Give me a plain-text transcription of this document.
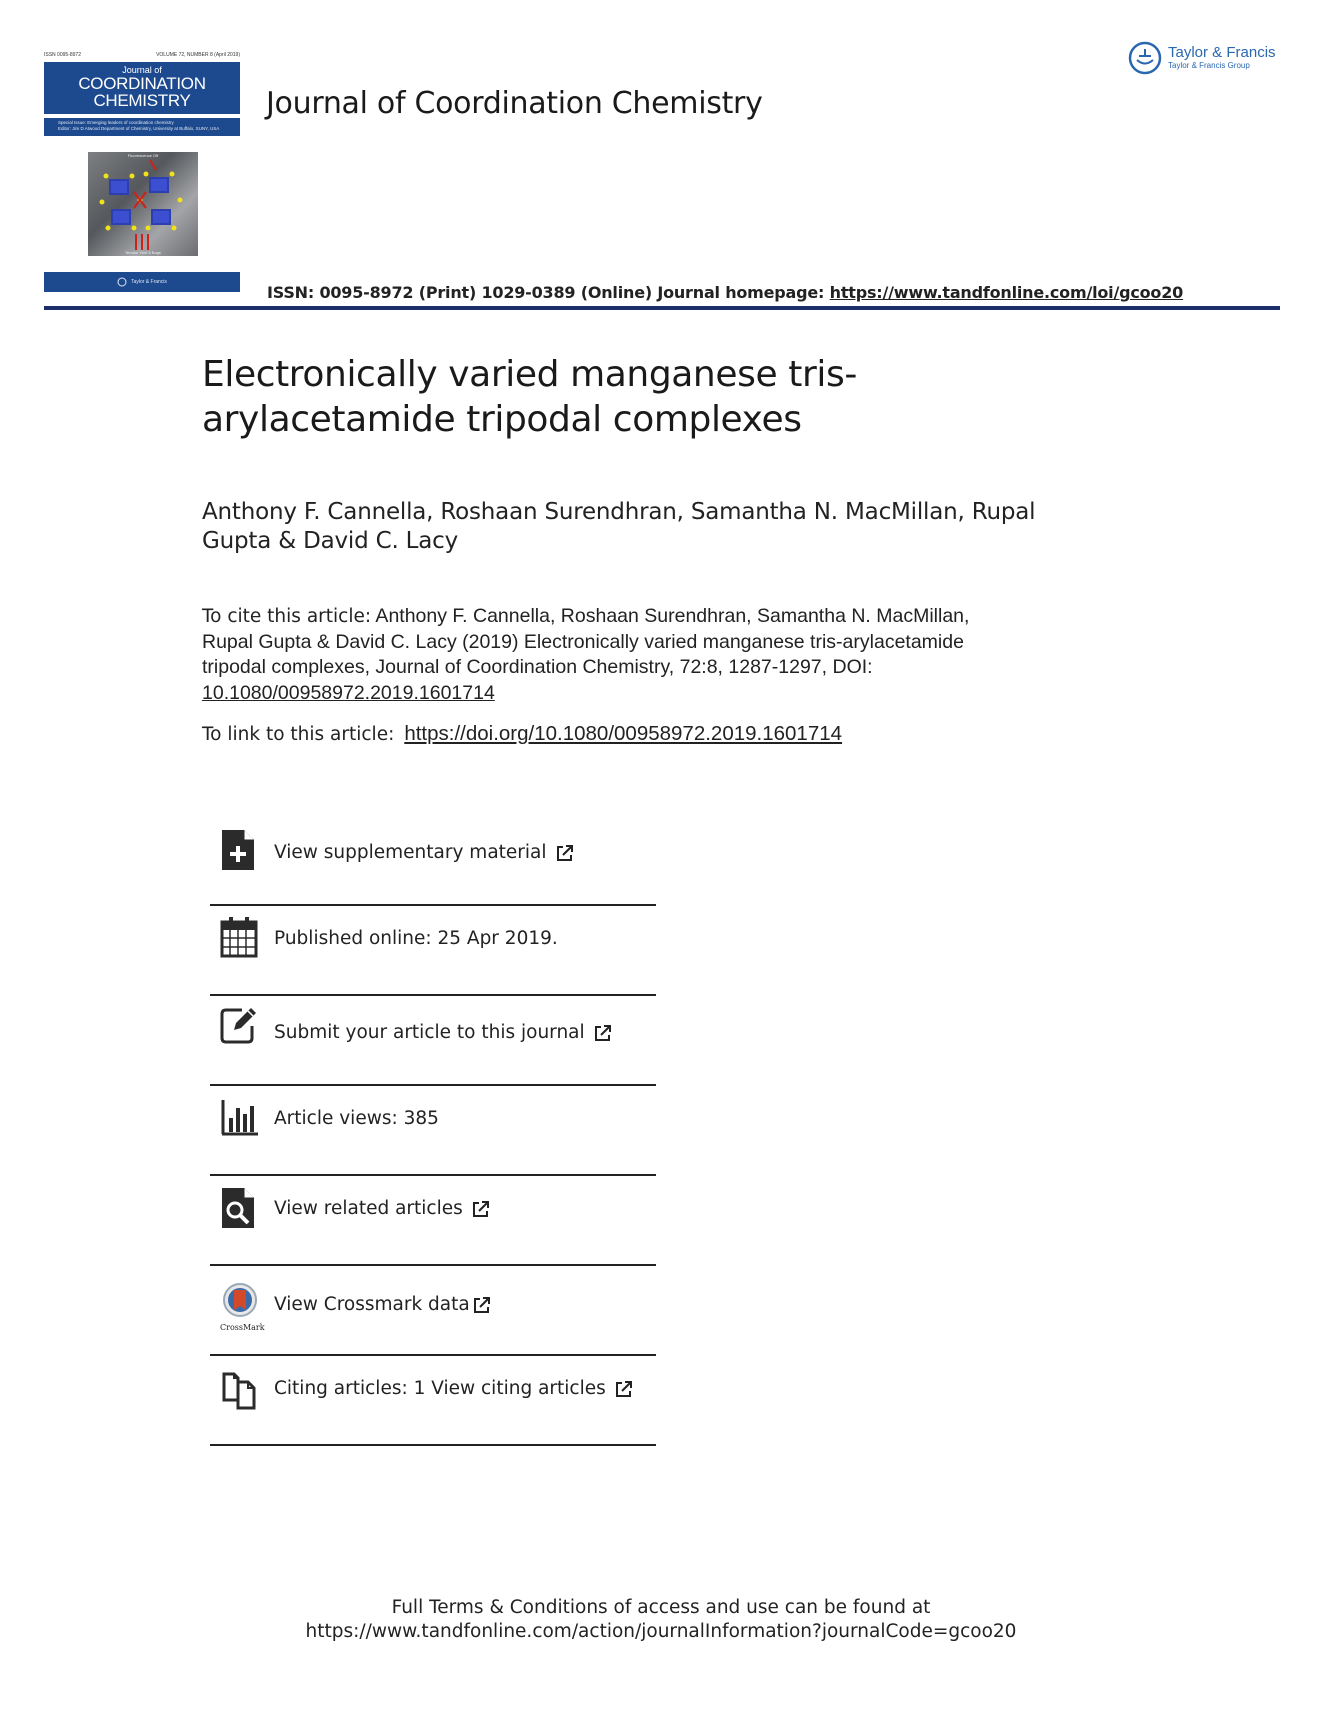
ISSN 0095-8972	VOLUME 72, NUMBER 8 (April 2019)
Journal of
COORDINATION
CHEMISTRY
Special Issue: Emerging leaders of coordination chemistry
Editor: Jim D Atwood Department of Chemistry, University at Buffalo, SUNY, USA
Fluorescence Off
Tendon Yard 8 Bags
Taylor & Francis
Journal of Coordination Chemistry
Taylor & Francis
Taylor & Francis Group
ISSN: 0095-8972 (Print) 1029-0389 (Online) Journal homepage: https://www.tandfonline.com/loi/gcoo20
Electronically varied manganese tris-
arylacetamide tripodal complexes
Anthony F. Cannella, Roshaan Surendhran, Samantha N. MacMillan, Rupal
Gupta & David C. Lacy
To cite this article: Anthony F. Cannella, Roshaan Surendhran, Samantha N. MacMillan,
Rupal Gupta & David C. Lacy (2019) Electronically varied manganese tris-arylacetamide
tripodal complexes, Journal of Coordination Chemistry, 72:8, 1287-1297, DOI:
10.1080/00958972.2019.1601714
To link to this article: https://doi.org/10.1080/00958972.2019.1601714
View supplementary material
Published online: 25 Apr 2019.
Submit your article to this journal
Article views: 385
View related articles
CrossMark
View Crossmark data
Citing articles: 1 View citing articles
Full Terms & Conditions of access and use can be found at
https://www.tandfonline.com/action/journalInformation?journalCode=gcoo20
